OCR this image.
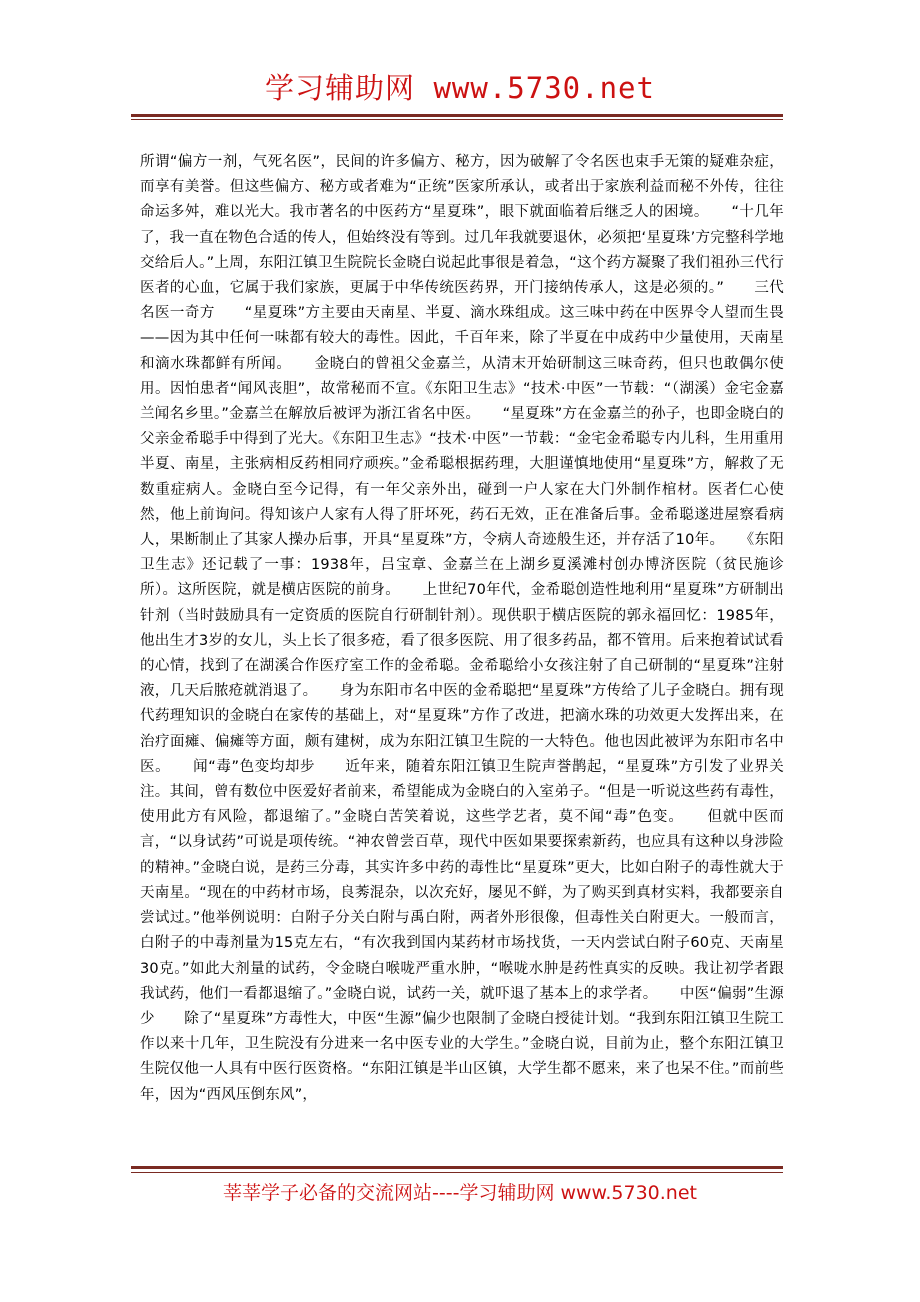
学习辅助网 www.5730.net

所谓“偏方一剂，气死名医”，民间的许多偏方、秘方，因为破解了令名医也束手无策的疑难杂症，而享有美誉。但这些偏方、秘方或者难为“正统”医家所承认，或者出于家族利益而秘不外传，往往命运多舛，难以光大。我市著名的中医药方“星夏珠”，眼下就面临着后继乏人的困境。　　“十几年了，我一直在物色合适的传人，但始终没有等到。过几年我就要退休，必须把‘星夏珠’方完整科学地交给后人。”上周，东阳江镇卫生院院长金晓白说起此事很是着急，“这个药方凝聚了我们祖孙三代行医者的心血，它属于我们家族，更属于中华传统医药界，开门接纳传承人，这是必须的。”　　三代名医一奇方　　“星夏珠”方主要由天南星、半夏、滴水珠组成。这三味中药在中医界令人望而生畏——因为其中任何一味都有较大的毒性。因此，千百年来，除了半夏在中成药中少量使用，天南星和滴水珠都鲜有所闻。　　金晓白的曾祖父金嘉兰，从清末开始研制这三味奇药，但只也敢偶尔使用。因怕患者“闻风丧胆”，故常秘而不宣。《东阳卫生志》“技术·中医”一节载：“（湖溪）金宅金嘉兰闻名乡里。”金嘉兰在解放后被评为浙江省名中医。　　“星夏珠”方在金嘉兰的孙子，也即金晓白的父亲金希聪手中得到了光大。《东阳卫生志》“技术·中医”一节载：“金宅金希聪专内儿科，生用重用半夏、南星，主张病相反药相同疗顽疾。”金希聪根据药理，大胆谨慎地使用“星夏珠”方，解救了无数重症病人。金晓白至今记得，有一年父亲外出，碰到一户人家在大门外制作棺材。医者仁心使然，他上前询问。得知该户人家有人得了肝坏死，药石无效，正在准备后事。金希聪遂进屋察看病人，果断制止了其家人操办后事，开具“星夏珠”方，令病人奇迹般生还，并存活了10年。　　《东阳卫生志》还记载了一事：1938年，吕宝章、金嘉兰在上湖乡夏溪滩村创办博济医院（贫民施诊所）。这所医院，就是横店医院的前身。　　上世纪70年代，金希聪创造性地利用“星夏珠”方研制出针剂（当时鼓励具有一定资质的医院自行研制针剂）。现供职于横店医院的郭永福回忆：1985年，他出生才3岁的女儿，头上长了很多疮，看了很多医院、用了很多药品，都不管用。后来抱着试试看的心情，找到了在湖溪合作医疗室工作的金希聪。金希聪给小女孩注射了自己研制的“星夏珠”注射液，几天后脓疮就消退了。　　身为东阳市名中医的金希聪把“星夏珠”方传给了儿子金晓白。拥有现代药理知识的金晓白在家传的基础上，对“星夏珠”方作了改进，把滴水珠的功效更大发挥出来，在治疗面瘫、偏瘫等方面，颇有建树，成为东阳江镇卫生院的一大特色。他也因此被评为东阳市名中医。　　闻“毒”色变均却步　　近年来，随着东阳江镇卫生院声誉鹊起，“星夏珠”方引发了业界关注。其间，曾有数位中医爱好者前来，希望能成为金晓白的入室弟子。“但是一听说这些药有毒性，使用此方有风险，都退缩了。”金晓白苦笑着说，这些学艺者，莫不闻“毒”色变。　　但就中医而言，“以身试药”可说是项传统。“神农曾尝百草，现代中医如果要探索新药，也应具有这种以身涉险的精神。”金晓白说，是药三分毒，其实许多中药的毒性比“星夏珠”更大，比如白附子的毒性就大于天南星。“现在的中药材市场，良莠混杂，以次充好，屡见不鲜，为了购买到真材实料，我都要亲自尝试过。”他举例说明：白附子分关白附与禹白附，两者外形很像，但毒性关白附更大。一般而言，白附子的中毒剂量为15克左右，“有次我到国内某药材市场找货，一天内尝试白附子60克、天南星30克。”如此大剂量的试药，令金晓白喉咙严重水肿，“喉咙水肿是药性真实的反映。我让初学者跟我试药，他们一看都退缩了。”金晓白说，试药一关，就吓退了基本上的求学者。　　中医“偏弱”生源少　　除了“星夏珠”方毒性大，中医“生源”偏少也限制了金晓白授徒计划。“我到东阳江镇卫生院工作以来十几年，卫生院没有分进来一名中医专业的大学生。”金晓白说，目前为止，整个东阳江镇卫生院仅他一人具有中医行医资格。“东阳江镇是半山区镇，大学生都不愿来，来了也呆不住。”而前些年，因为“西风压倒东风”，

莘莘学子必备的交流网站----学习辅助网 www.5730.net
